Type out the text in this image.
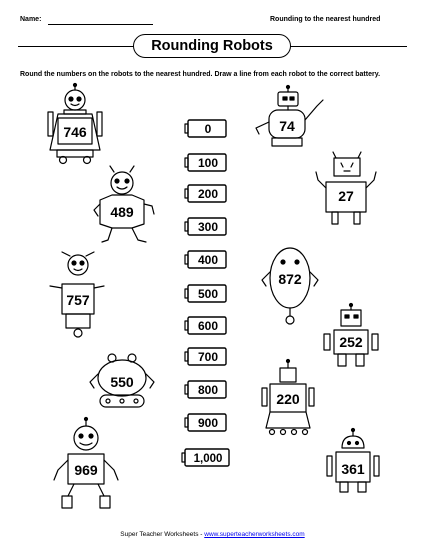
Name:	Rounding to the nearest hundred
Rounding Robots
Round the numbers on the robots to the nearest hundred. Draw a line from each robot to the correct battery.
0
100
200
300
400
500
600
700
800
900
1,000
746	74
27
489
757
872
252
550
220
969	361
Super Teacher Worksheets - www.superteacherworksheets.com
